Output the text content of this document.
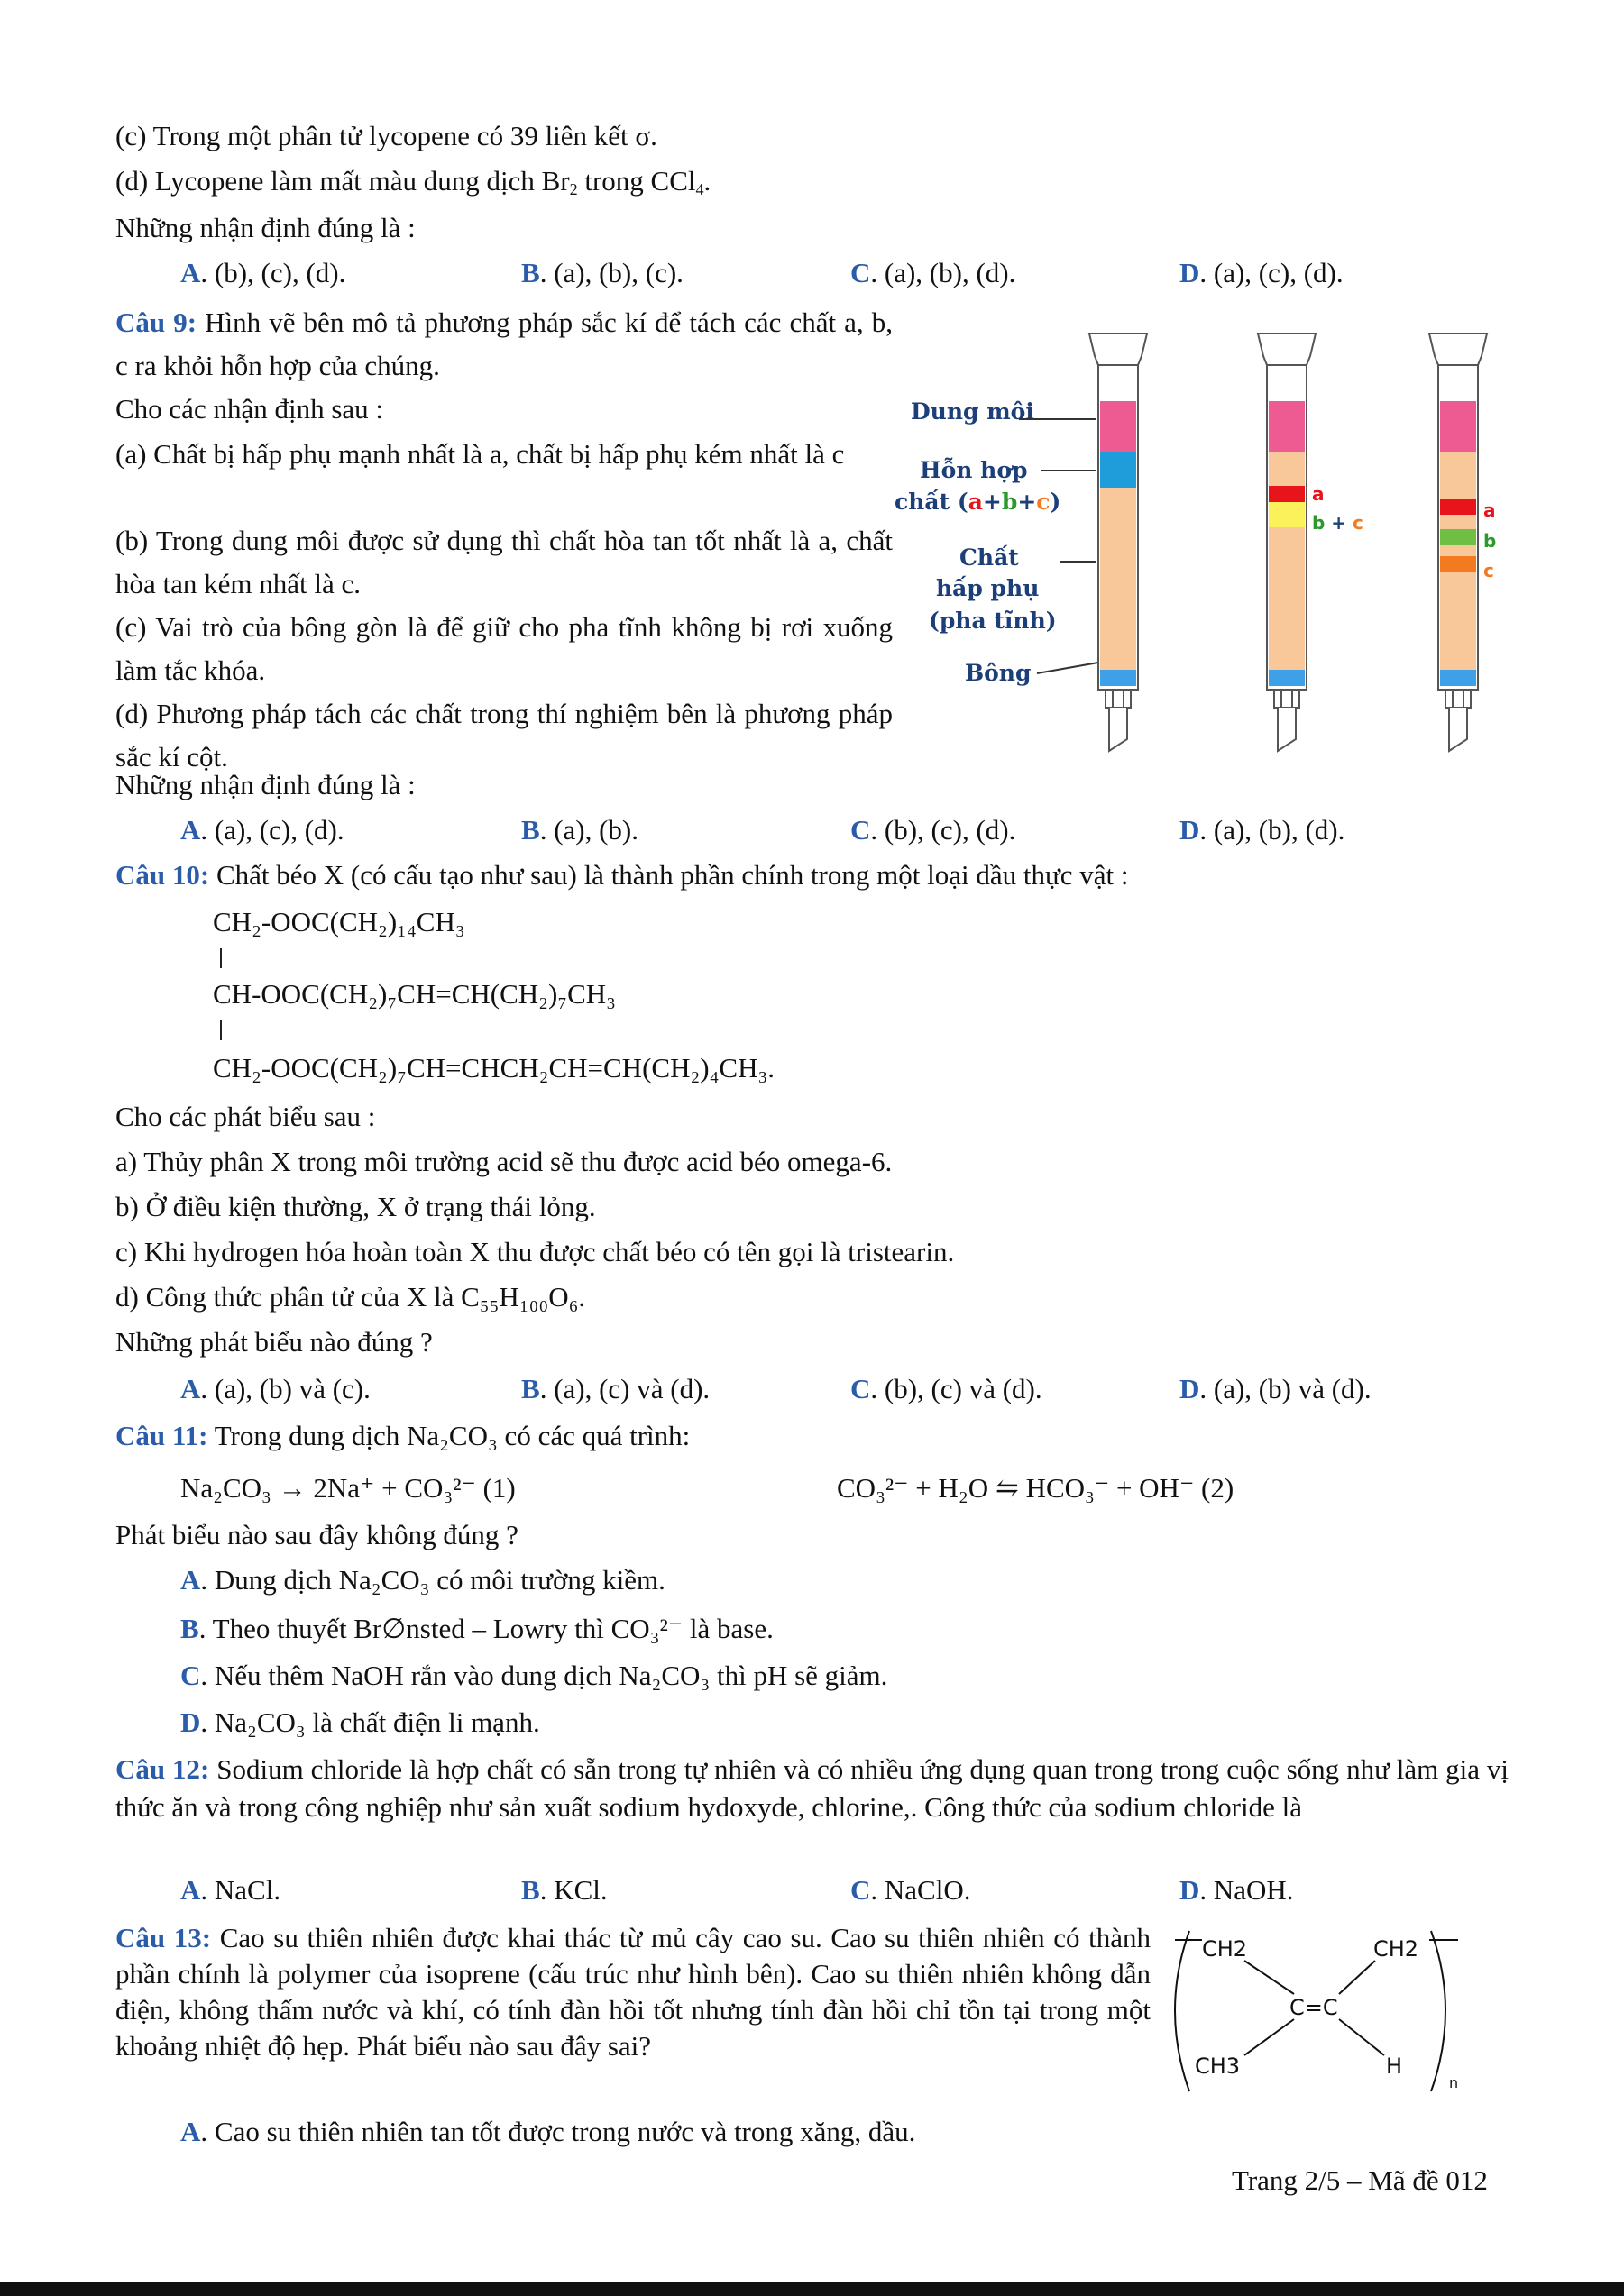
(c) Trong một phân tử lycopene có 39 liên kết σ.
(d) Lycopene làm mất màu dung dịch $Br_2$ trong CCl$_4$.
Những nhận định đúng là :
A. (b), (c), (d).	B. (a), (b), (c).	C. (a), (b), (d).	D. (a), (c), (d).

Câu 9: Hình vẽ bên mô tả phương pháp sắc kí để tách các chất a, b, c ra khỏi hỗn hợp của chúng.

Cho các nhận định sau :

(a) Chất bị hấp phụ mạnh nhất là a, chất bị hấp phụ kém nhất là c

(b) Trong dung môi được sử dụng thì chất hòa tan tốt nhất là a, chất hòa tan kém nhất là c.

(c) Vai trò của bông gòn là để giữ cho pha tĩnh không bị rơi xuống làm tắc khóa.

(d) Phương pháp tách các chất trong thí nghiệm bên là phương pháp sắc kí cột.

Những nhận định đúng là :
A. (a), (c), (d).	B. (a), (b).	C. (b), (c), (d).	D. (a), (b), (d).
Dung môi
Hỗn hợp
chất (a+b+c)
Chất
hấp phụ
(pha tĩnh)
Bông
a
b + c
a
b
c
Câu 10: Chất béo X (có cấu tạo như sau) là thành phần chính trong một loại dầu thực vật :
CH₂-OOC(CH₂)₁₄CH₃
CH-OOC(CH₂)₇CH=CH(CH₂)₇CH₃
CH₂-OOC(CH₂)₇CH=CHCH₂CH=CH(CH₂)₄CH₃.
Cho các phát biểu sau :
a) Thủy phân X trong môi trường acid sẽ thu được acid béo omega-6.
b) Ở điều kiện thường, X ở trạng thái lỏng.
c) Khi hydrogen hóa hoàn toàn X thu được chất béo có tên gọi là tristearin.
d) Công thức phân tử của X là C₅₅H₁₀₀O₆.
Những phát biểu nào đúng ?
A. (a), (b) và (c).	B. (a), (c) và (d).	C. (b), (c) và (d).	D. (a), (b) và (d).
Câu 11: Trong dung dịch Na₂CO₃ có các quá trình:
Na₂CO₃ → 2Na⁺ + CO₃²⁻ (1)	CO₃²⁻ + H₂O ⇋ HCO₃⁻ + OH⁻ (2)
Phát biểu nào sau đây không đúng ?
A. Dung dịch Na₂CO₃ có môi trường kiềm.
B. Theo thuyết Br∅nsted – Lowry thì CO₃²⁻ là base.
C. Nếu thêm NaOH rắn vào dung dịch Na₂CO₃ thì pH sẽ giảm.
D. Na₂CO₃ là chất điện li mạnh.

Câu 12: Sodium chloride là hợp chất có sẵn trong tự nhiên và có nhiều ứng dụng quan trong trong cuộc sống như làm gia vị thức ăn và trong công nghiệp như sản xuất sodium hydoxyde, chlorine,. Công thức của sodium chloride là

A. NaCl.	B. KCl.	C. NaClO.	D. NaOH.

Câu 13: Cao su thiên nhiên được khai thác từ mủ cây cao su. Cao su thiên nhiên có thành phần chính là polymer của isoprene (cấu trúc như hình bên). Cao su thiên nhiên không dẫn điện, không thấm nước và khí, có tính đàn hồi tốt nhưng tính đàn hồi chỉ tồn tại trong một khoảng nhiệt độ hẹp. Phát biểu nào sau đây sai?

A. Cao su thiên nhiên tan tốt được trong nước và trong xăng, dầu.
CH2	CH2
C=C
CH3	H
n
Trang 2/5 – Mã đề 012
